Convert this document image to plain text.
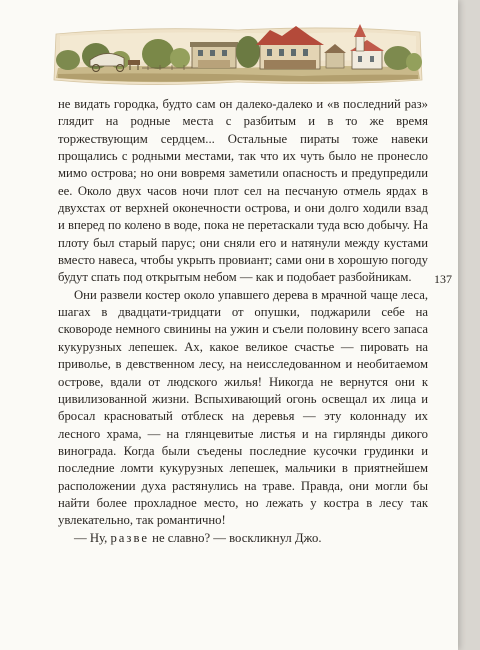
не видать городка, будто сам он далеко-далеко и «в последний раз» глядит на родные места с разбитым и в то же время торжествующим сердцем... Остальные пираты тоже навеки прощались с родными местами, так что их чуть было не пронесло мимо острова; но они вовремя заметили опасность и предупредили ее. Около двух часов ночи плот сел на песчаную отмель ярдах в двухстах от верхней оконечности острова, и они долго ходили взад и вперед по колено в воде, пока не перетаскали туда всю добычу. На плоту был старый парус; они сняли его и натянули между кустами вместо навеса, чтобы укрыть провиант; сами они в хорошую погоду будут спать под открытым небом — как и подобает разбойникам.

Они развели костер около упавшего дерева в мрачной чаще леса, шагах в двадцати-тридцати от опушки, поджарили себе на сковороде немного свинины на ужин и съели половину всего запаса кукурузных лепешек. Ах, какое великое счастье — пировать на приволье, в девственном лесу, на неисследованном и необитаемом острове, вдали от людского жилья! Никогда не вернутся они к цивилизованной жизни. Вспыхивающий огонь освещал их лица и бросал красноватый отблеск на деревья — эту колоннаду их лесного храма, — на глянцевитые листья и на гирлянды дикого винограда. Когда были съедены последние кусочки грудинки и последние ломти кукурузных лепешек, мальчики в приятнейшем расположении духа растянулись на траве. Правда, они могли бы найти более прохладное место, но лежать у костра в лесу так увлекательно, так романтично!

— Ну, разве не славно? — воскликнул Джо.

137
